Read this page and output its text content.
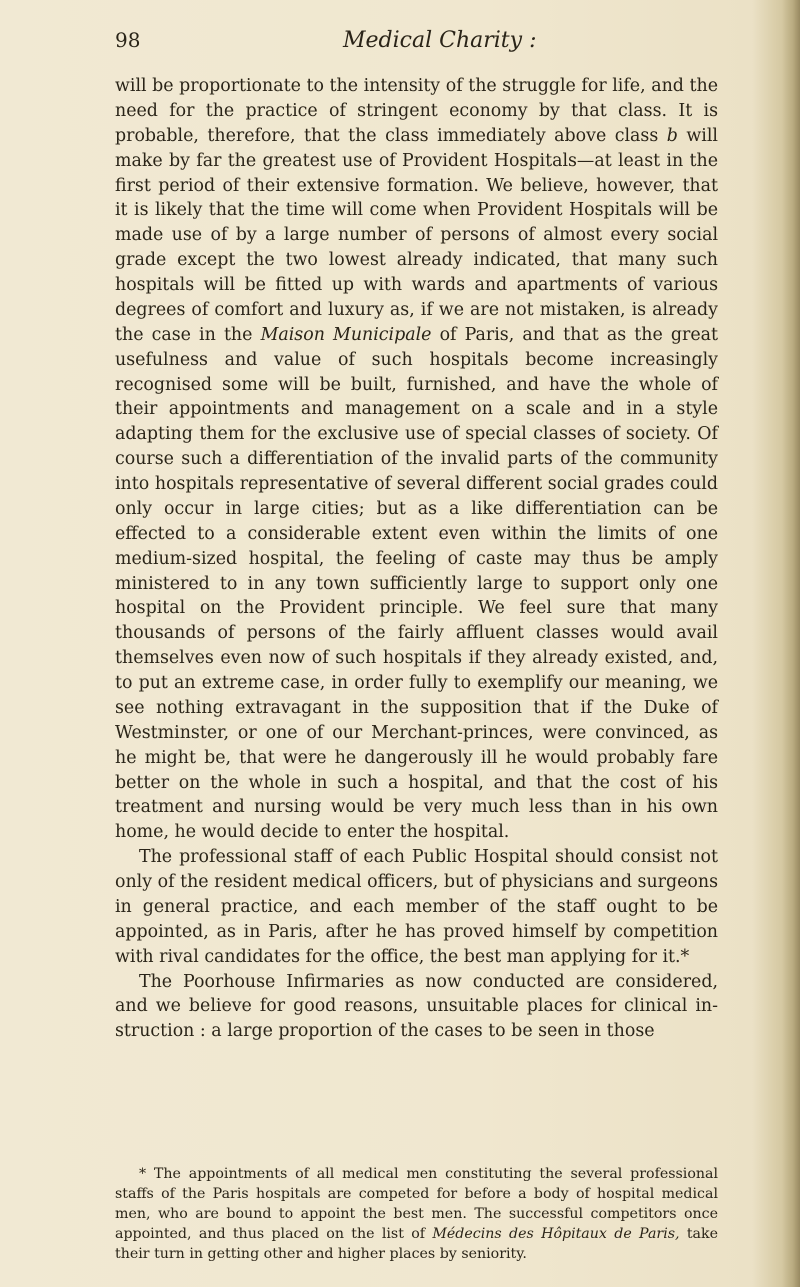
98	Medical Charity :

will be proportionate to the intensity of the struggle for life, and the need for the practice of stringent economy by that class. It is probable, therefore, that the class immediately above class b will make by far the greatest use of Provident Hospitals—at least in the first period of their extensive formation. We believe, however, that it is likely that the time will come when Provident Hospitals will be made use of by a large number of persons of almost every social grade except the two lowest already indicated, that many such hospitals will be fitted up with wards and apartments of various degrees of comfort and luxury as, if we are not mistaken, is already the case in the Maison Municipale of Paris, and that as the great usefulness and value of such hospitals become increasingly recognised some will be built, furnished, and have the whole of their appointments and management on a scale and in a style adapting them for the exclusive use of special classes of society. Of course such a differentiation of the invalid parts of the community into hospitals representative of several different social grades could only occur in large cities; but as a like differentiation can be effected to a considerable extent even within the limits of one medium-sized hospital, the feeling of caste may thus be amply ministered to in any town sufficiently large to support only one hospital on the Provident principle. We feel sure that many thousands of persons of the fairly affluent classes would avail themselves even now of such hospitals if they already existed, and, to put an extreme case, in order fully to exemplify our meaning, we see nothing extravagant in the supposition that if the Duke of Westminster, or one of our Merchant-princes, were convinced, as he might be, that were he dangerously ill he would probably fare better on the whole in such a hospital, and that the cost of his treatment and nursing would be very much less than in his own home, he would decide to enter the hospital.

The professional staff of each Public Hospital should consist not only of the resident medical officers, but of physicians and surgeons in general practice, and each member of the staff ought to be appointed, as in Paris, after he has proved himself by competition with rival candidates for the office, the best man applying for it.*

The Poorhouse Infirmaries as now conducted are considered, and we believe for good reasons, unsuitable places for clinical instruction : a large proportion of the cases to be seen in those

* The appointments of all medical men constituting the several professional staffs of the Paris hospitals are competed for before a body of hospital medical men, who are bound to appoint the best men. The successful competitors once appointed, and thus placed on the list of Médecins des Hôpitaux de Paris, take their turn in getting other and higher places by seniority.
